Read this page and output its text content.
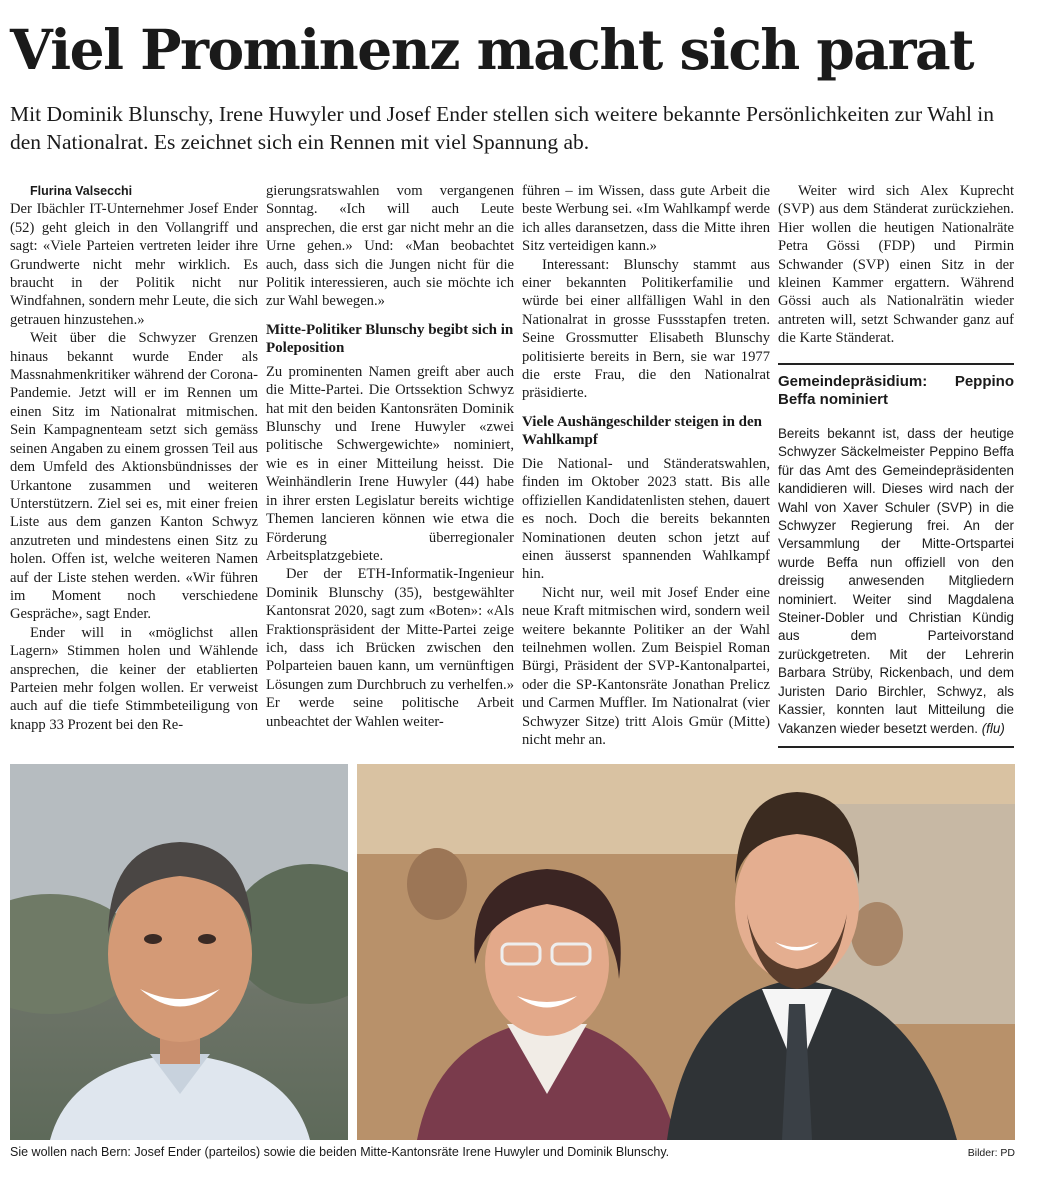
Viel Prominenz macht sich parat

Mit Dominik Blunschy, Irene Huwyler und Josef Ender stellen sich weitere bekannte Persönlichkeiten zur Wahl in den Nationalrat. Es zeichnet sich ein Rennen mit viel Spannung ab.

Flurina Valsecchi

Der Ibächler IT-Unternehmer Josef Ender (52) geht gleich in den Vollangriff und sagt: «Viele Parteien vertreten leider ihre Grundwerte nicht mehr wirklich. Es braucht in der Politik nicht nur Windfahnen, sondern mehr Leute, die sich getrauen hinzustehen.»

Weit über die Schwyzer Grenzen hinaus bekannt wurde Ender als Massnahmenkritiker während der Corona-Pandemie. Jetzt will er im Rennen um einen Sitz im Nationalrat mitmischen. Sein Kampagnenteam setzt sich gemäss seinen Angaben zu einem grossen Teil aus dem Umfeld des Aktionsbündnisses der Urkantone zusammen und weiteren Unterstützern. Ziel sei es, mit einer freien Liste aus dem ganzen Kanton Schwyz anzutreten und mindestens einen Sitz zu holen. Offen ist, welche weiteren Namen auf der Liste stehen werden. «Wir führen im Moment noch verschiedene Gespräche», sagt Ender.

Ender will in «möglichst allen Lagern» Stimmen holen und Wählende ansprechen, die keiner der etablierten Parteien mehr folgen wollen. Er verweist auch auf die tiefe Stimmbeteiligung von knapp 33 Prozent bei den Re-

gierungsratswahlen vom vergangenen Sonntag. «Ich will auch Leute ansprechen, die erst gar nicht mehr an die Urne gehen.» Und: «Man beobachtet auch, dass sich die Jungen nicht für die Politik interessieren, auch sie möchte ich zur Wahl bewegen.»

Mitte-Politiker Blunschy begibt sich in Poleposition

Zu prominenten Namen greift aber auch die Mitte-Partei. Die Ortssektion Schwyz hat mit den beiden Kantonsräten Dominik Blunschy und Irene Huwyler «zwei politische Schwergewichte» nominiert, wie es in einer Mitteilung heisst. Die Weinhändlerin Irene Huwyler (44) habe in ihrer ersten Legislatur bereits wichtige Themen lancieren können wie etwa die Förderung überregionaler Arbeitsplatzgebiete.

Der der ETH-Informatik-Ingenieur Dominik Blunschy (35), bestgewählter Kantonsrat 2020, sagt zum «Boten»: «Als Fraktionspräsident der Mitte-Partei zeige ich, dass ich Brücken zwischen den Polparteien bauen kann, um vernünftigen Lösungen zum Durchbruch zu verhelfen.» Er werde seine politische Arbeit unbeachtet der Wahlen weiter-

führen – im Wissen, dass gute Arbeit die beste Werbung sei. «Im Wahlkampf werde ich alles daransetzen, dass die Mitte ihren Sitz verteidigen kann.»

Interessant: Blunschy stammt aus einer bekannten Politikerfamilie und würde bei einer allfälligen Wahl in den Nationalrat in grosse Fussstapfen treten. Seine Grossmutter Elisabeth Blunschy politisierte bereits in Bern, sie war 1977 die erste Frau, die den Nationalrat präsidierte.

Viele Aushängeschilder steigen in den Wahlkampf

Die National- und Ständeratswahlen, finden im Oktober 2023 statt. Bis alle offiziellen Kandidatenlisten stehen, dauert es noch. Doch die bereits bekannten Nominationen deuten schon jetzt auf einen äusserst spannenden Wahlkampf hin.

Nicht nur, weil mit Josef Ender eine neue Kraft mitmischen wird, sondern weil weitere bekannte Politiker an der Wahl teilnehmen wollen. Zum Beispiel Roman Bürgi, Präsident der SVP-Kantonalpartei, oder die SP-Kantonsräte Jonathan Prelicz und Carmen Muffler. Im Nationalrat (vier Schwyzer Sitze) tritt Alois Gmür (Mitte) nicht mehr an.

Weiter wird sich Alex Kuprecht (SVP) aus dem Ständerat zurückziehen. Hier wollen die heutigen Nationalräte Petra Gössi (FDP) und Pirmin Schwander (SVP) einen Sitz in der kleinen Kammer ergattern. Während Gössi auch als Nationalrätin wieder antreten will, setzt Schwander ganz auf die Karte Ständerat.

Gemeindepräsidium: Peppino Beffa nominiert
Bereits bekannt ist, dass der heutige Schwyzer Säckelmeister Peppino Beffa für das Amt des Gemeindepräsidenten kandidieren will. Dieses wird nach der Wahl von Xaver Schuler (SVP) in die Schwyzer Regierung frei. An der Versammlung der Mitte-Ortspartei wurde Beffa nun offiziell von den dreissig anwesenden Mitgliedern nominiert. Weiter sind Magdalena Steiner-Dobler und Christian Kündig aus dem Parteivorstand zurückgetreten. Mit der Lehrerin Barbara Strüby, Rickenbach, und dem Juristen Dario Birchler, Schwyz, als Kassier, konnten laut Mitteilung die Vakanzen wieder besetzt werden. (flu)

Sie wollen nach Bern: Josef Ender (parteilos) sowie die beiden Mitte-Kantonsräte Irene Huwyler und Dominik Blunschy.	Bilder: PD
